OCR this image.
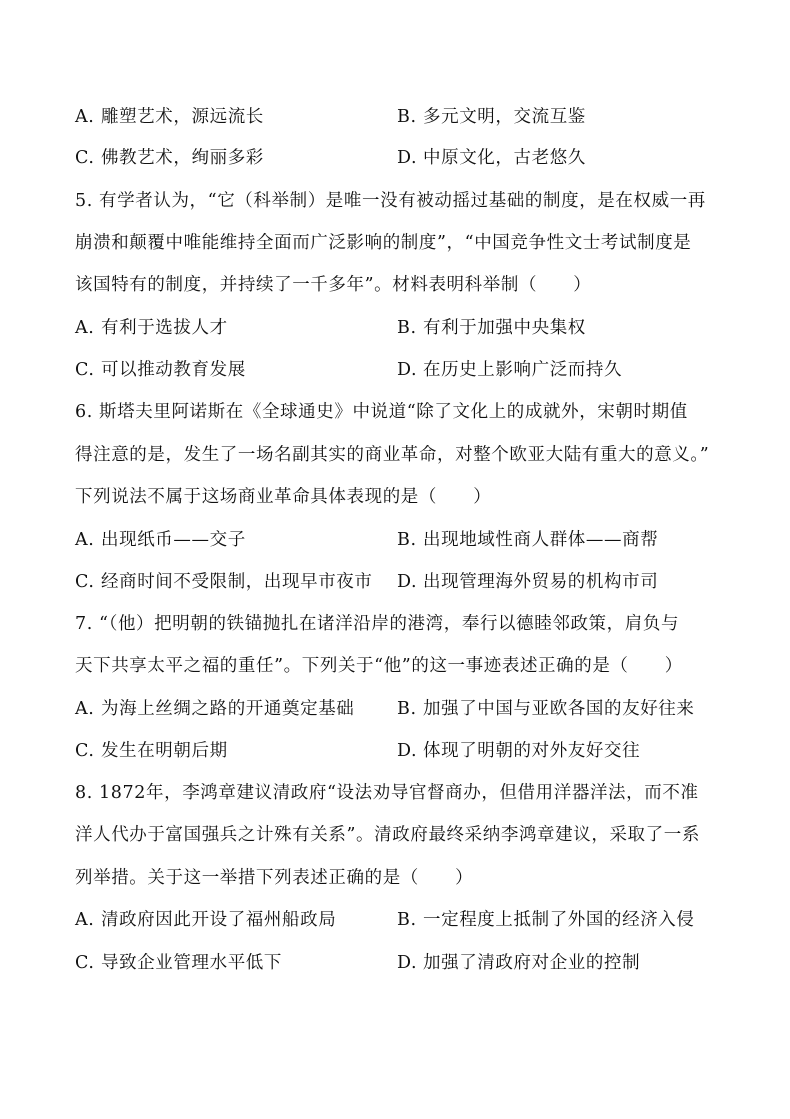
A. 雕塑艺术，源远流长	B. 多元文明，交流互鉴
C. 佛教艺术，绚丽多彩	D. 中原文化，古老悠久
5. 有学者认为，“它（科举制）是唯一没有被动摇过基础的制度，是在权威一再
崩溃和颠覆中唯能维持全面而广泛影响的制度”，“中国竞争性文士考试制度是
该国特有的制度，并持续了一千多年”。材料表明科举制（　　）
A. 有利于选拔人才	B. 有利于加强中央集权
C. 可以推动教育发展	D. 在历史上影响广泛而持久
6. 斯塔夫里阿诺斯在《全球通史》中说道“除了文化上的成就外，宋朝时期值
得注意的是，发生了一场名副其实的商业革命，对整个欧亚大陆有重大的意义。”
下列说法不属于这场商业革命具体表现的是（　　）
A. 出现纸币——交子	B. 出现地域性商人群体——商帮
C. 经商时间不受限制，出现早市夜市 D. 出现管理海外贸易的机构市司
7. “（他）把明朝的铁锚抛扎在诸洋沿岸的港湾，奉行以德睦邻政策，肩负与
天下共享太平之福的重任”。下列关于“他”的这一事迹表述正确的是（　　）
A. 为海上丝绸之路的开通奠定基础 B. 加强了中国与亚欧各国的友好往来
C. 发生在明朝后期	D. 体现了明朝的对外友好交往
8. 1872年，李鸿章建议清政府“设法劝导官督商办，但借用洋器洋法，而不准
洋人代办于富国强兵之计殊有关系”。清政府最终采纳李鸿章建议，采取了一系
列举措。关于这一举措下列表述正确的是（　　）
A. 清政府因此开设了福州船政局	B. 一定程度上抵制了外国的经济入侵
C. 导致企业管理水平低下	D. 加强了清政府对企业的控制
